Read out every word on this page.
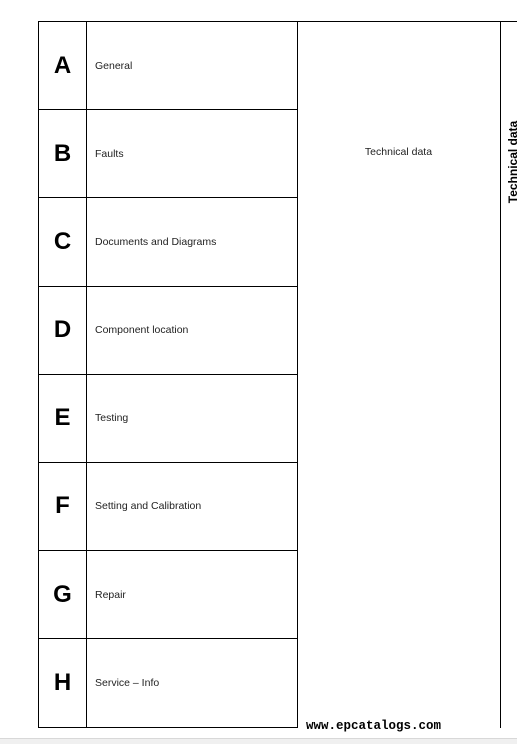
A	General
B	Faults
C	Documents and Diagrams
D	Component location
E	Testing
F	Setting and Calibration
G	Repair
H	Service – Info
Technical data	Technical data
www.epcatalogs.com
